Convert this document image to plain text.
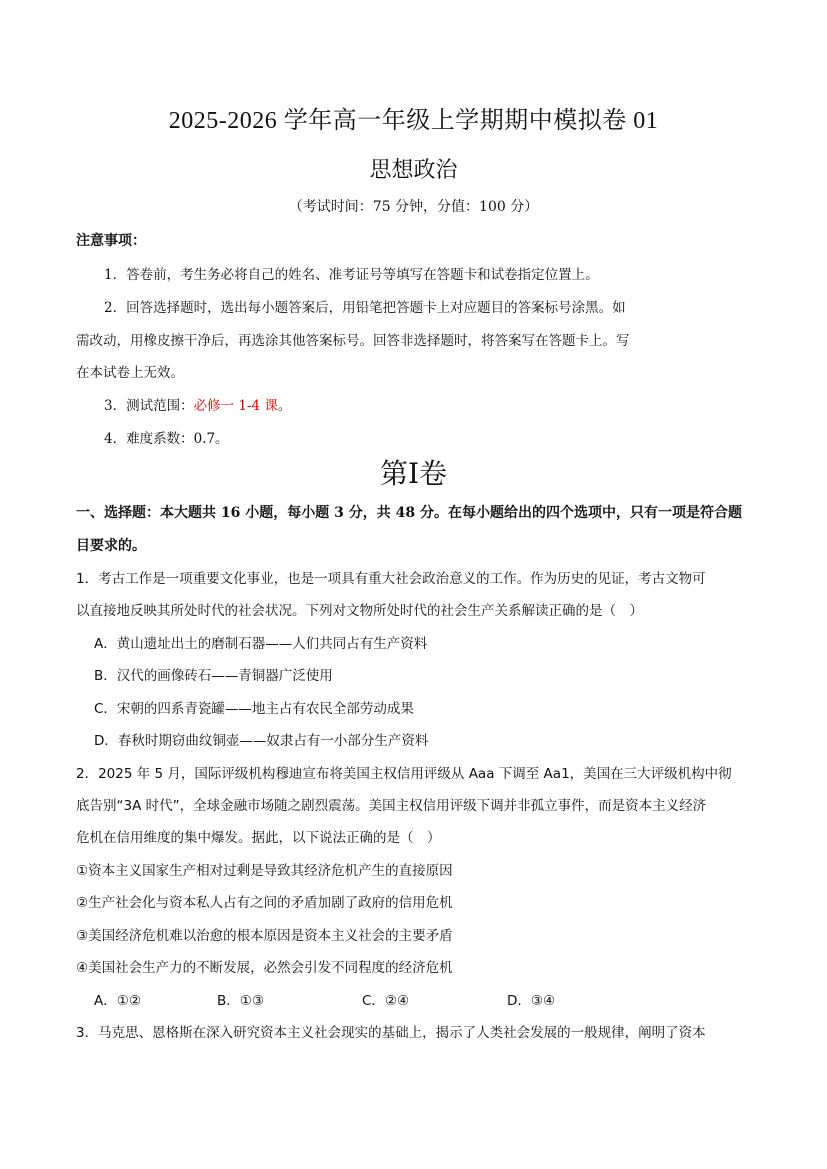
2025-2026 学年高一年级上学期期中模拟卷 01
思想政治
（考试时间：75 分钟，分值：100 分）
注意事项：
1．答卷前，考生务必将自己的姓名、准考证号等填写在答题卡和试卷指定位置上。
2．回答选择题时，选出每小题答案后，用铅笔把答题卡上对应题目的答案标号涂黑。如
需改动，用橡皮擦干净后，再选涂其他答案标号。回答非选择题时，将答案写在答题卡上。写
在本试卷上无效。
3．测试范围：必修一 1-4 课。
4．难度系数：0.7。
第I卷
一、选择题：本大题共 16 小题，每小题 3 分，共 48 分。在每小题给出的四个选项中，只有一项是符合题
目要求的。
1．考古工作是一项重要文化事业，也是一项具有重大社会政治意义的工作。作为历史的见证，考古文物可
以直接地反映其所处时代的社会状况。下列对文物所处时代的社会生产关系解读正确的是（　）
A．黄山遗址出土的磨制石器——人们共同占有生产资料
B．汉代的画像砖石——青铜器广泛使用
C．宋朝的四系青瓷罐——地主占有农民全部劳动成果
D．春秋时期窃曲纹铜壶——奴隶占有一小部分生产资料
2．2025 年 5 月，国际评级机构穆迪宣布将美国主权信用评级从 Aaa 下调至 Aa1，美国在三大评级机构中彻
底告别“3A 时代”，全球金融市场随之剧烈震荡。美国主权信用评级下调并非孤立事件，而是资本主义经济
危机在信用维度的集中爆发。据此，以下说法正确的是（　）
①资本主义国家生产相对过剩是导致其经济危机产生的直接原因
②生产社会化与资本私人占有之间的矛盾加剧了政府的信用危机
③美国经济危机难以治愈的根本原因是资本主义社会的主要矛盾
④美国社会生产力的不断发展，必然会引发不同程度的经济危机
A．①②	B．①③	C．②④	D．③④
3．马克思、恩格斯在深入研究资本主义社会现实的基础上，揭示了人类社会发展的一般规律，阐明了资本
